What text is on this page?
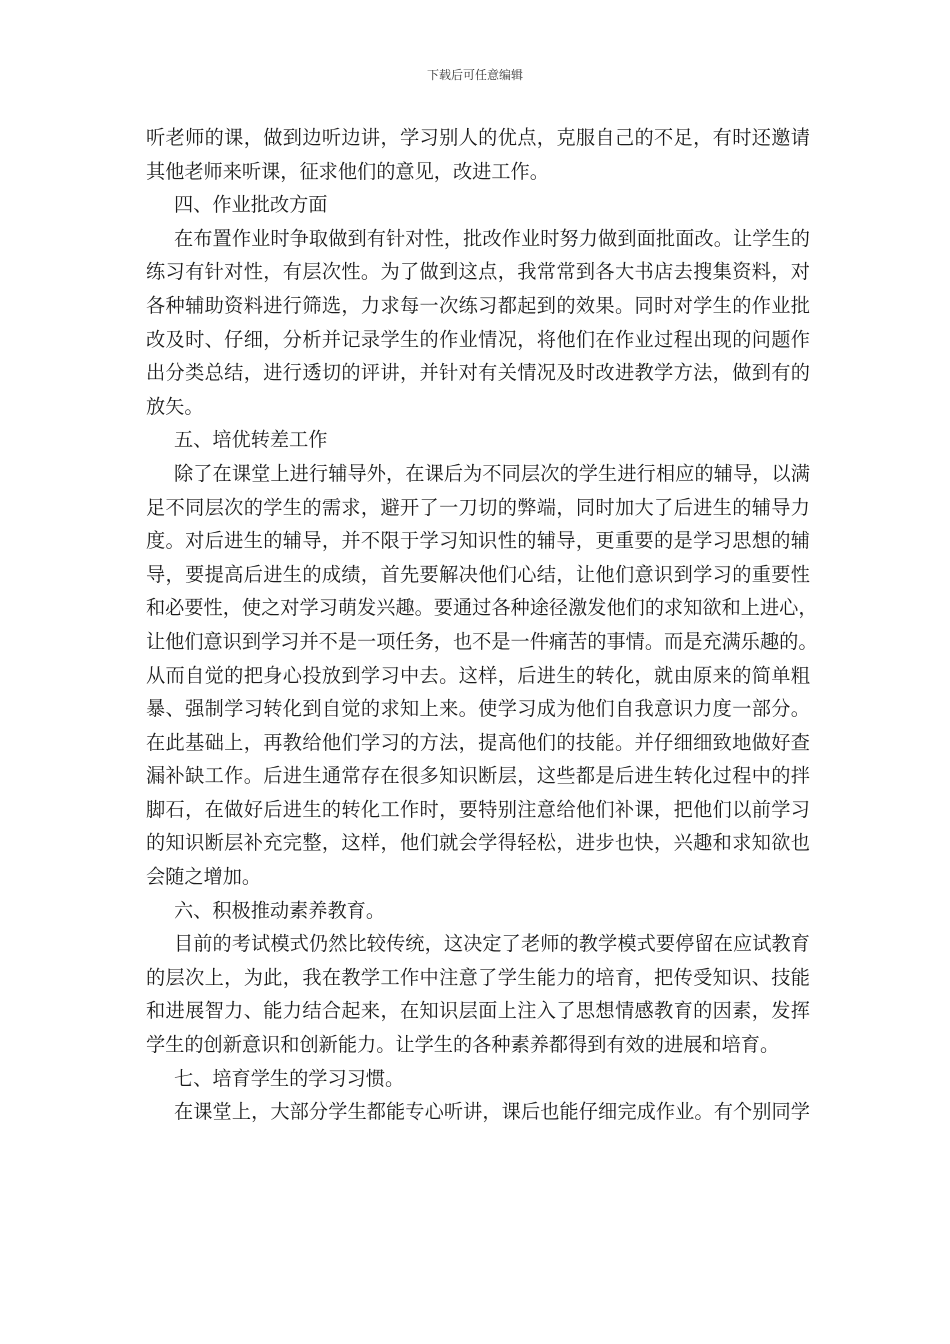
下载后可任意编辑
听老师的课，做到边听边讲，学习别人的优点，克服自己的不足，有时还邀请
其他老师来听课，征求他们的意见，改进工作。
四、作业批改方面
在布置作业时争取做到有针对性，批改作业时努力做到面批面改。让学生的
练习有针对性，有层次性。为了做到这点，我常常到各大书店去搜集资料，对
各种辅助资料进行筛选，力求每一次练习都起到的效果。同时对学生的作业批
改及时、仔细，分析并记录学生的作业情况，将他们在作业过程出现的问题作
出分类总结，进行透切的评讲，并针对有关情况及时改进教学方法，做到有的
放矢。
五、培优转差工作
除了在课堂上进行辅导外，在课后为不同层次的学生进行相应的辅导，以满
足不同层次的学生的需求，避开了一刀切的弊端，同时加大了后进生的辅导力
度。对后进生的辅导，并不限于学习知识性的辅导，更重要的是学习思想的辅
导，要提高后进生的成绩，首先要解决他们心结，让他们意识到学习的重要性
和必要性，使之对学习萌发兴趣。要通过各种途径激发他们的求知欲和上进心，
让他们意识到学习并不是一项任务，也不是一件痛苦的事情。而是充满乐趣的。
从而自觉的把身心投放到学习中去。这样，后进生的转化，就由原来的简单粗
暴、强制学习转化到自觉的求知上来。使学习成为他们自我意识力度一部分。
在此基础上，再教给他们学习的方法，提高他们的技能。并仔细细致地做好查
漏补缺工作。后进生通常存在很多知识断层，这些都是后进生转化过程中的拌
脚石，在做好后进生的转化工作时，要特别注意给他们补课，把他们以前学习
的知识断层补充完整，这样，他们就会学得轻松，进步也快，兴趣和求知欲也
会随之增加。
六、积极推动素养教育。
目前的考试模式仍然比较传统，这决定了老师的教学模式要停留在应试教育
的层次上，为此，我在教学工作中注意了学生能力的培育，把传受知识、技能
和进展智力、能力结合起来，在知识层面上注入了思想情感教育的因素，发挥
学生的创新意识和创新能力。让学生的各种素养都得到有效的进展和培育。
七、培育学生的学习习惯。
在课堂上，大部分学生都能专心听讲，课后也能仔细完成作业。有个别同学
